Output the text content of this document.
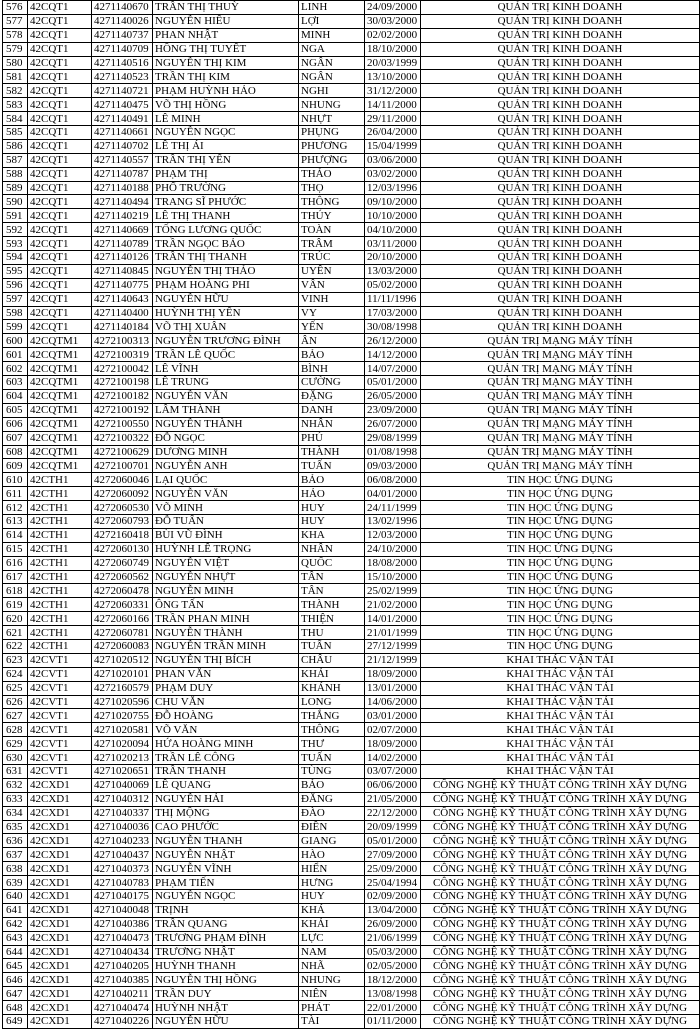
576	42CQT1	4271140670	TRẦN THỊ THUỲ	LINH	24/09/2000	QUẢN TRỊ KINH DOANH
577	42CQT1	4271140026	NGUYỄN HIẾU	LỢI	30/03/2000	QUẢN TRỊ KINH DOANH
578	42CQT1	4271140737	PHAN NHẬT	MINH	02/02/2000	QUẢN TRỊ KINH DOANH
579	42CQT1	4271140709	HỒNG THỊ TUYẾT	NGA	18/10/2000	QUẢN TRỊ KINH DOANH
580	42CQT1	4271140516	NGUYỄN THỊ KIM	NGÂN	20/03/1999	QUẢN TRỊ KINH DOANH
581	42CQT1	4271140523	TRẦN THỊ KIM	NGÂN	13/10/2000	QUẢN TRỊ KINH DOANH
582	42CQT1	4271140721	PHẠM HUỲNH HẢO	NGHI	31/12/2000	QUẢN TRỊ KINH DOANH
583	42CQT1	4271140475	VÕ THỊ HỒNG	NHUNG	14/11/2000	QUẢN TRỊ KINH DOANH
584	42CQT1	4271140491	LÊ MINH	NHỰT	29/11/2000	QUẢN TRỊ KINH DOANH
585	42CQT1	4271140661	NGUYỄN NGỌC	PHỤNG	26/04/2000	QUẢN TRỊ KINH DOANH
586	42CQT1	4271140702	LÊ THỊ ÁI	PHƯƠNG	15/04/1999	QUẢN TRỊ KINH DOANH
587	42CQT1	4271140557	TRẦN THỊ YẾN	PHƯỢNG	03/06/2000	QUẢN TRỊ KINH DOANH
588	42CQT1	4271140787	PHẠM THỊ	THẢO	03/02/2000	QUẢN TRỊ KINH DOANH
589	42CQT1	4271140188	PHỔ TRƯỜNG	THỌ	12/03/1996	QUẢN TRỊ KINH DOANH
590	42CQT1	4271140494	TRANG SĨ PHƯỚC	THÔNG	09/10/2000	QUẢN TRỊ KINH DOANH
591	42CQT1	4271140219	LÊ THỊ THANH	THÚY	10/10/2000	QUẢN TRỊ KINH DOANH
592	42CQT1	4271140669	TỐNG LƯƠNG QUỐC	TOÀN	04/10/2000	QUẢN TRỊ KINH DOANH
593	42CQT1	4271140789	TRẦN NGỌC BẢO	TRÂM	03/11/2000	QUẢN TRỊ KINH DOANH
594	42CQT1	4271140126	TRẦN THỊ THANH	TRÚC	20/10/2000	QUẢN TRỊ KINH DOANH
595	42CQT1	4271140845	NGUYỄN THỊ THẢO	UYÊN	13/03/2000	QUẢN TRỊ KINH DOANH
596	42CQT1	4271140775	PHẠM HOÀNG PHI	VÂN	05/02/2000	QUẢN TRỊ KINH DOANH
597	42CQT1	4271140643	NGUYỄN HỮU	VINH	11/11/1996	QUẢN TRỊ KINH DOANH
598	42CQT1	4271140400	HUỲNH THỊ YẾN	VY	17/03/2000	QUẢN TRỊ KINH DOANH
599	42CQT1	4271140184	VÕ THỊ XUÂN	YẾN	30/08/1998	QUẢN TRỊ KINH DOANH
600	42CQTM1	4272100313	NGUYỄN TRƯƠNG ĐÌNH	ÂN	26/12/2000	QUẢN TRỊ MẠNG MÁY TÍNH
601	42CQTM1	4272100319	TRẦN LÊ QUỐC	BẢO	14/12/2000	QUẢN TRỊ MẠNG MÁY TÍNH
602	42CQTM1	4272100042	LÊ VĨNH	BÌNH	14/07/2000	QUẢN TRỊ MẠNG MÁY TÍNH
603	42CQTM1	4272100198	LÊ TRUNG	CƯỜNG	05/01/2000	QUẢN TRỊ MẠNG MÁY TÍNH
604	42CQTM1	4272100182	NGUYỄN VĂN	ĐẶNG	26/05/2000	QUẢN TRỊ MẠNG MÁY TÍNH
605	42CQTM1	4272100192	LÂM THÀNH	DANH	23/09/2000	QUẢN TRỊ MẠNG MÁY TÍNH
606	42CQTM1	4272100550	NGUYỄN THÀNH	NHÂN	26/07/2000	QUẢN TRỊ MẠNG MÁY TÍNH
607	42CQTM1	4272100322	ĐỖ NGỌC	PHÚ	29/08/1999	QUẢN TRỊ MẠNG MÁY TÍNH
608	42CQTM1	4272100629	DƯƠNG MINH	THÀNH	01/08/1998	QUẢN TRỊ MẠNG MÁY TÍNH
609	42CQTM1	4272100701	NGUYỄN ANH	TUẤN	09/03/2000	QUẢN TRỊ MẠNG MÁY TÍNH
610	42CTH1	4272060046	LẠI QUỐC	BẢO	06/08/2000	TIN HỌC ỨNG DỤNG
611	42CTH1	4272060092	NGUYỄN VĂN	HẢO	04/01/2000	TIN HỌC ỨNG DỤNG
612	42CTH1	4272060530	VÕ MINH	HUY	24/11/1999	TIN HỌC ỨNG DỤNG
613	42CTH1	4272060793	ĐỖ TUẤN	HUY	13/02/1996	TIN HỌC ỨNG DỤNG
614	42CTH1	4272160418	BÙI VŨ ĐÌNH	KHA	12/03/2000	TIN HỌC ỨNG DỤNG
615	42CTH1	4272060130	HUỲNH LÊ TRỌNG	NHÂN	24/10/2000	TIN HỌC ỨNG DỤNG
616	42CTH1	4272060749	NGUYỄN VIỆT	QUỐC	18/08/2000	TIN HỌC ỨNG DỤNG
617	42CTH1	4272060562	NGUYỄN NHỰT	TÂN	15/10/2000	TIN HỌC ỨNG DỤNG
618	42CTH1	4272060478	NGUYỄN MINH	TÂN	25/02/1999	TIN HỌC ỨNG DỤNG
619	42CTH1	4272060331	ÔNG TẤN	THÀNH	21/02/2000	TIN HỌC ỨNG DỤNG
620	42CTH1	4272060166	TRẦN PHAN MINH	THIỆN	14/01/2000	TIN HỌC ỨNG DỤNG
621	42CTH1	4272060781	NGUYỄN THÀNH	THU	21/01/1999	TIN HỌC ỨNG DỤNG
622	42CTH1	4272060083	NGUYỄN TRẦN MINH	TUẤN	27/12/1999	TIN HỌC ỨNG DỤNG
623	42CVT1	4271020512	NGUYỄN THỊ BÍCH	CHÂU	21/12/1999	KHAI THÁC VẬN TẢI
624	42CVT1	4271020101	PHAN VĂN	KHẢI	18/09/2000	KHAI THÁC VẬN TẢI
625	42CVT1	4272160579	PHẠM DUY	KHÁNH	13/01/2000	KHAI THÁC VẬN TẢI
626	42CVT1	4271020596	CHU VĂN	LONG	14/06/2000	KHAI THÁC VẬN TẢI
627	42CVT1	4271020755	ĐỖ HOÀNG	THẮNG	03/01/2000	KHAI THÁC VẬN TẢI
628	42CVT1	4271020581	VÕ VĂN	THÔNG	02/07/2000	KHAI THÁC VẬN TẢI
629	42CVT1	4271020094	HỨA HOÀNG MINH	THƯ	18/09/2000	KHAI THÁC VẬN TẢI
630	42CVT1	4271020213	TRẦN LÊ CÔNG	TUẤN	14/02/2000	KHAI THÁC VẬN TẢI
631	42CVT1	4271020651	TRẦN THANH	TÙNG	03/07/2000	KHAI THÁC VẬN TẢI
632	42CXD1	4271040069	LÊ QUANG	BẢO	06/06/2000	CÔNG NGHỆ KỸ THUẬT CÔNG TRÌNH XÂY DỰNG
633	42CXD1	4271040312	NGUYỄN HẢI	ĐĂNG	21/05/2000	CÔNG NGHỆ KỸ THUẬT CÔNG TRÌNH XÂY DỰNG
634	42CXD1	4271040337	THỊ MỘNG	ĐÀO	22/12/2000	CÔNG NGHỆ KỸ THUẬT CÔNG TRÌNH XÂY DỰNG
635	42CXD1	4271040036	CAO PHƯỚC	ĐIỀN	20/09/1999	CÔNG NGHỆ KỸ THUẬT CÔNG TRÌNH XÂY DỰNG
636	42CXD1	4271040233	NGUYỄN THANH	GIANG	05/01/2000	CÔNG NGHỆ KỸ THUẬT CÔNG TRÌNH XÂY DỰNG
637	42CXD1	4271040437	NGUYỄN NHẬT	HÀO	27/09/2000	CÔNG NGHỆ KỸ THUẬT CÔNG TRÌNH XÂY DỰNG
638	42CXD1	4271040373	NGUYỄN VĨNH	HIỂN	25/09/2000	CÔNG NGHỆ KỸ THUẬT CÔNG TRÌNH XÂY DỰNG
639	42CXD1	4271040783	PHẠM TIẾN	HƯNG	25/04/1994	CÔNG NGHỆ KỸ THUẬT CÔNG TRÌNH XÂY DỰNG
640	42CXD1	4271040175	NGUYỄN NGỌC	HUY	02/09/2000	CÔNG NGHỆ KỸ THUẬT CÔNG TRÌNH XÂY DỰNG
641	42CXD1	4271040048	TRỊNH	KHÁ	13/04/2000	CÔNG NGHỆ KỸ THUẬT CÔNG TRÌNH XÂY DỰNG
642	42CXD1	4271040386	TRẦN QUANG	KHẢI	26/09/2000	CÔNG NGHỆ KỸ THUẬT CÔNG TRÌNH XÂY DỰNG
643	42CXD1	4271040473	TRƯƠNG PHẠM ĐÌNH	LỰC	21/06/1999	CÔNG NGHỆ KỸ THUẬT CÔNG TRÌNH XÂY DỰNG
644	42CXD1	4271040434	TRƯƠNG NHẬT	NAM	05/03/2000	CÔNG NGHỆ KỸ THUẬT CÔNG TRÌNH XÂY DỰNG
645	42CXD1	4271040205	HUỲNH THANH	NHÃ	02/05/2000	CÔNG NGHỆ KỸ THUẬT CÔNG TRÌNH XÂY DỰNG
646	42CXD1	4271040385	NGUYỄN THỊ HỒNG	NHUNG	18/12/2000	CÔNG NGHỆ KỸ THUẬT CÔNG TRÌNH XÂY DỰNG
647	42CXD1	4271040211	TRẦN DUY	NIÊN	13/08/1998	CÔNG NGHỆ KỸ THUẬT CÔNG TRÌNH XÂY DỰNG
648	42CXD1	4271040474	HUỲNH NHẬT	PHÁT	22/01/2000	CÔNG NGHỆ KỸ THUẬT CÔNG TRÌNH XÂY DỰNG
649	42CXD1	4271040226	NGUYỄN HỮU	TÀI	01/11/2000	CÔNG NGHỆ KỸ THUẬT CÔNG TRÌNH XÂY DỰNG
